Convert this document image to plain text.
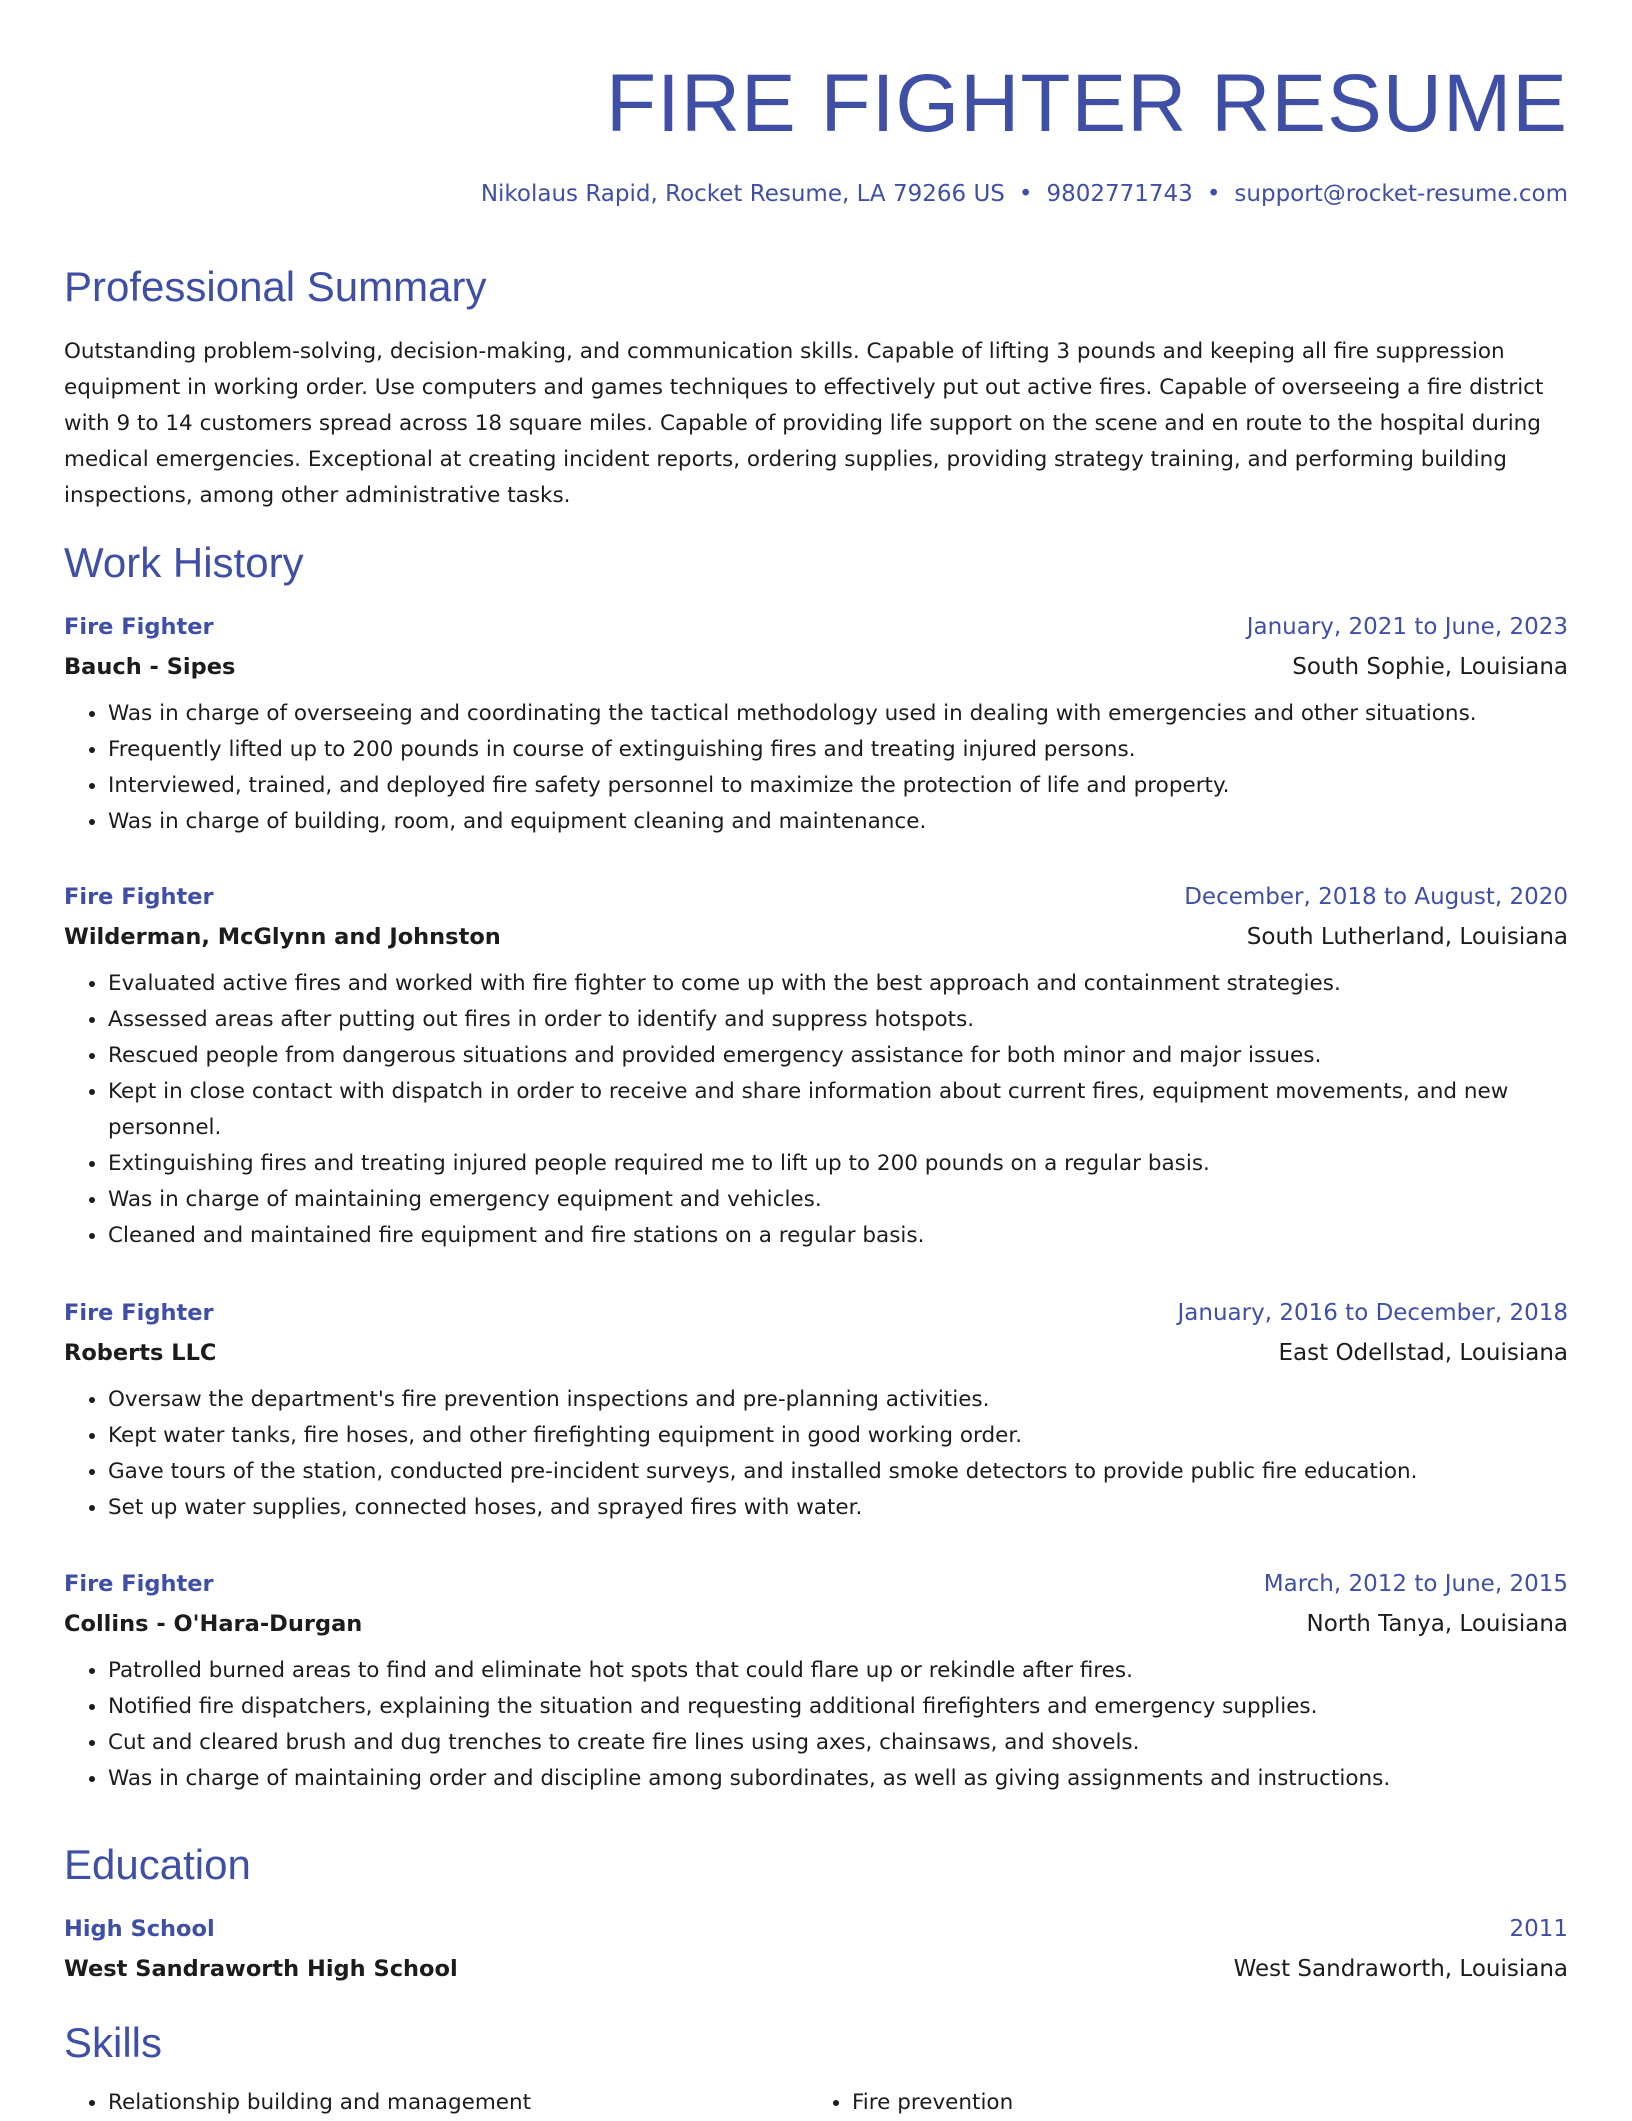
FIRE FIGHTER RESUME
Nikolaus Rapid, Rocket Resume, LA 79266 US • 9802771743 • support@rocket-resume.com
Professional Summary
Outstanding problem-solving, decision-making, and communication skills. Capable of lifting 3 pounds and keeping all fire suppression equipment in working order. Use computers and games techniques to effectively put out active fires. Capable of overseeing a fire district with 9 to 14 customers spread across 18 square miles. Capable of providing life support on the scene and en route to the hospital during medical emergencies. Exceptional at creating incident reports, ordering supplies, providing strategy training, and performing building inspections, among other administrative tasks.
Work History
Fire Fighter	January, 2021 to June, 2023
Bauch - Sipes	South Sophie, Louisiana
• Was in charge of overseeing and coordinating the tactical methodology used in dealing with emergencies and other situations.
• Frequently lifted up to 200 pounds in course of extinguishing fires and treating injured persons.
• Interviewed, trained, and deployed fire safety personnel to maximize the protection of life and property.
• Was in charge of building, room, and equipment cleaning and maintenance.
Fire Fighter	December, 2018 to August, 2020
Wilderman, McGlynn and Johnston	South Lutherland, Louisiana
• Evaluated active fires and worked with fire fighter to come up with the best approach and containment strategies.
• Assessed areas after putting out fires in order to identify and suppress hotspots.
• Rescued people from dangerous situations and provided emergency assistance for both minor and major issues.
• Kept in close contact with dispatch in order to receive and share information about current fires, equipment movements, and new personnel.
• Extinguishing fires and treating injured people required me to lift up to 200 pounds on a regular basis.
• Was in charge of maintaining emergency equipment and vehicles.
• Cleaned and maintained fire equipment and fire stations on a regular basis.
Fire Fighter	January, 2016 to December, 2018
Roberts LLC	East Odellstad, Louisiana
• Oversaw the department's fire prevention inspections and pre-planning activities.
• Kept water tanks, fire hoses, and other firefighting equipment in good working order.
• Gave tours of the station, conducted pre-incident surveys, and installed smoke detectors to provide public fire education.
• Set up water supplies, connected hoses, and sprayed fires with water.
Fire Fighter	March, 2012 to June, 2015
Collins - O'Hara-Durgan	North Tanya, Louisiana
• Patrolled burned areas to find and eliminate hot spots that could flare up or rekindle after fires.
• Notified fire dispatchers, explaining the situation and requesting additional firefighters and emergency supplies.
• Cut and cleared brush and dug trenches to create fire lines using axes, chainsaws, and shovels.
• Was in charge of maintaining order and discipline among subordinates, as well as giving assignments and instructions.
Education
High School	2011
West Sandraworth High School	West Sandraworth, Louisiana
Skills
• Relationship building and management
•	Fire prevention
